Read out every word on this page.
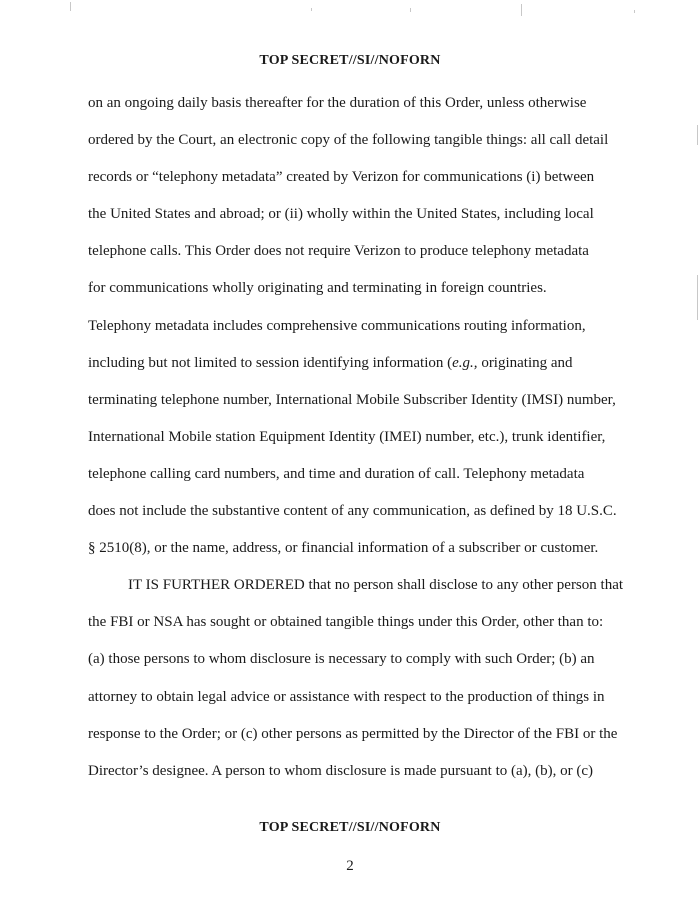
TOP SECRET//SI//NOFORN
on an ongoing daily basis thereafter for the duration of this Order, unless otherwise
ordered by the Court, an electronic copy of the following tangible things: all call detail
records or “telephony metadata” created by Verizon for communications (i) between
the United States and abroad; or (ii) wholly within the United States, including local
telephone calls. This Order does not require Verizon to produce telephony metadata
for communications wholly originating and terminating in foreign countries.
Telephony metadata includes comprehensive communications routing information,
including but not limited to session identifying information (e.g., originating and
terminating telephone number, International Mobile Subscriber Identity (IMSI) number,
International Mobile station Equipment Identity (IMEI) number, etc.), trunk identifier,
telephone calling card numbers, and time and duration of call. Telephony metadata
does not include the substantive content of any communication, as defined by 18 U.S.C.
§ 2510(8), or the name, address, or financial information of a subscriber or customer.
IT IS FURTHER ORDERED that no person shall disclose to any other person that
the FBI or NSA has sought or obtained tangible things under this Order, other than to:
(a) those persons to whom disclosure is necessary to comply with such Order; (b) an
attorney to obtain legal advice or assistance with respect to the production of things in
response to the Order; or (c) other persons as permitted by the Director of the FBI or the
Director’s designee. A person to whom disclosure is made pursuant to (a), (b), or (c)
TOP SECRET//SI//NOFORN
2
